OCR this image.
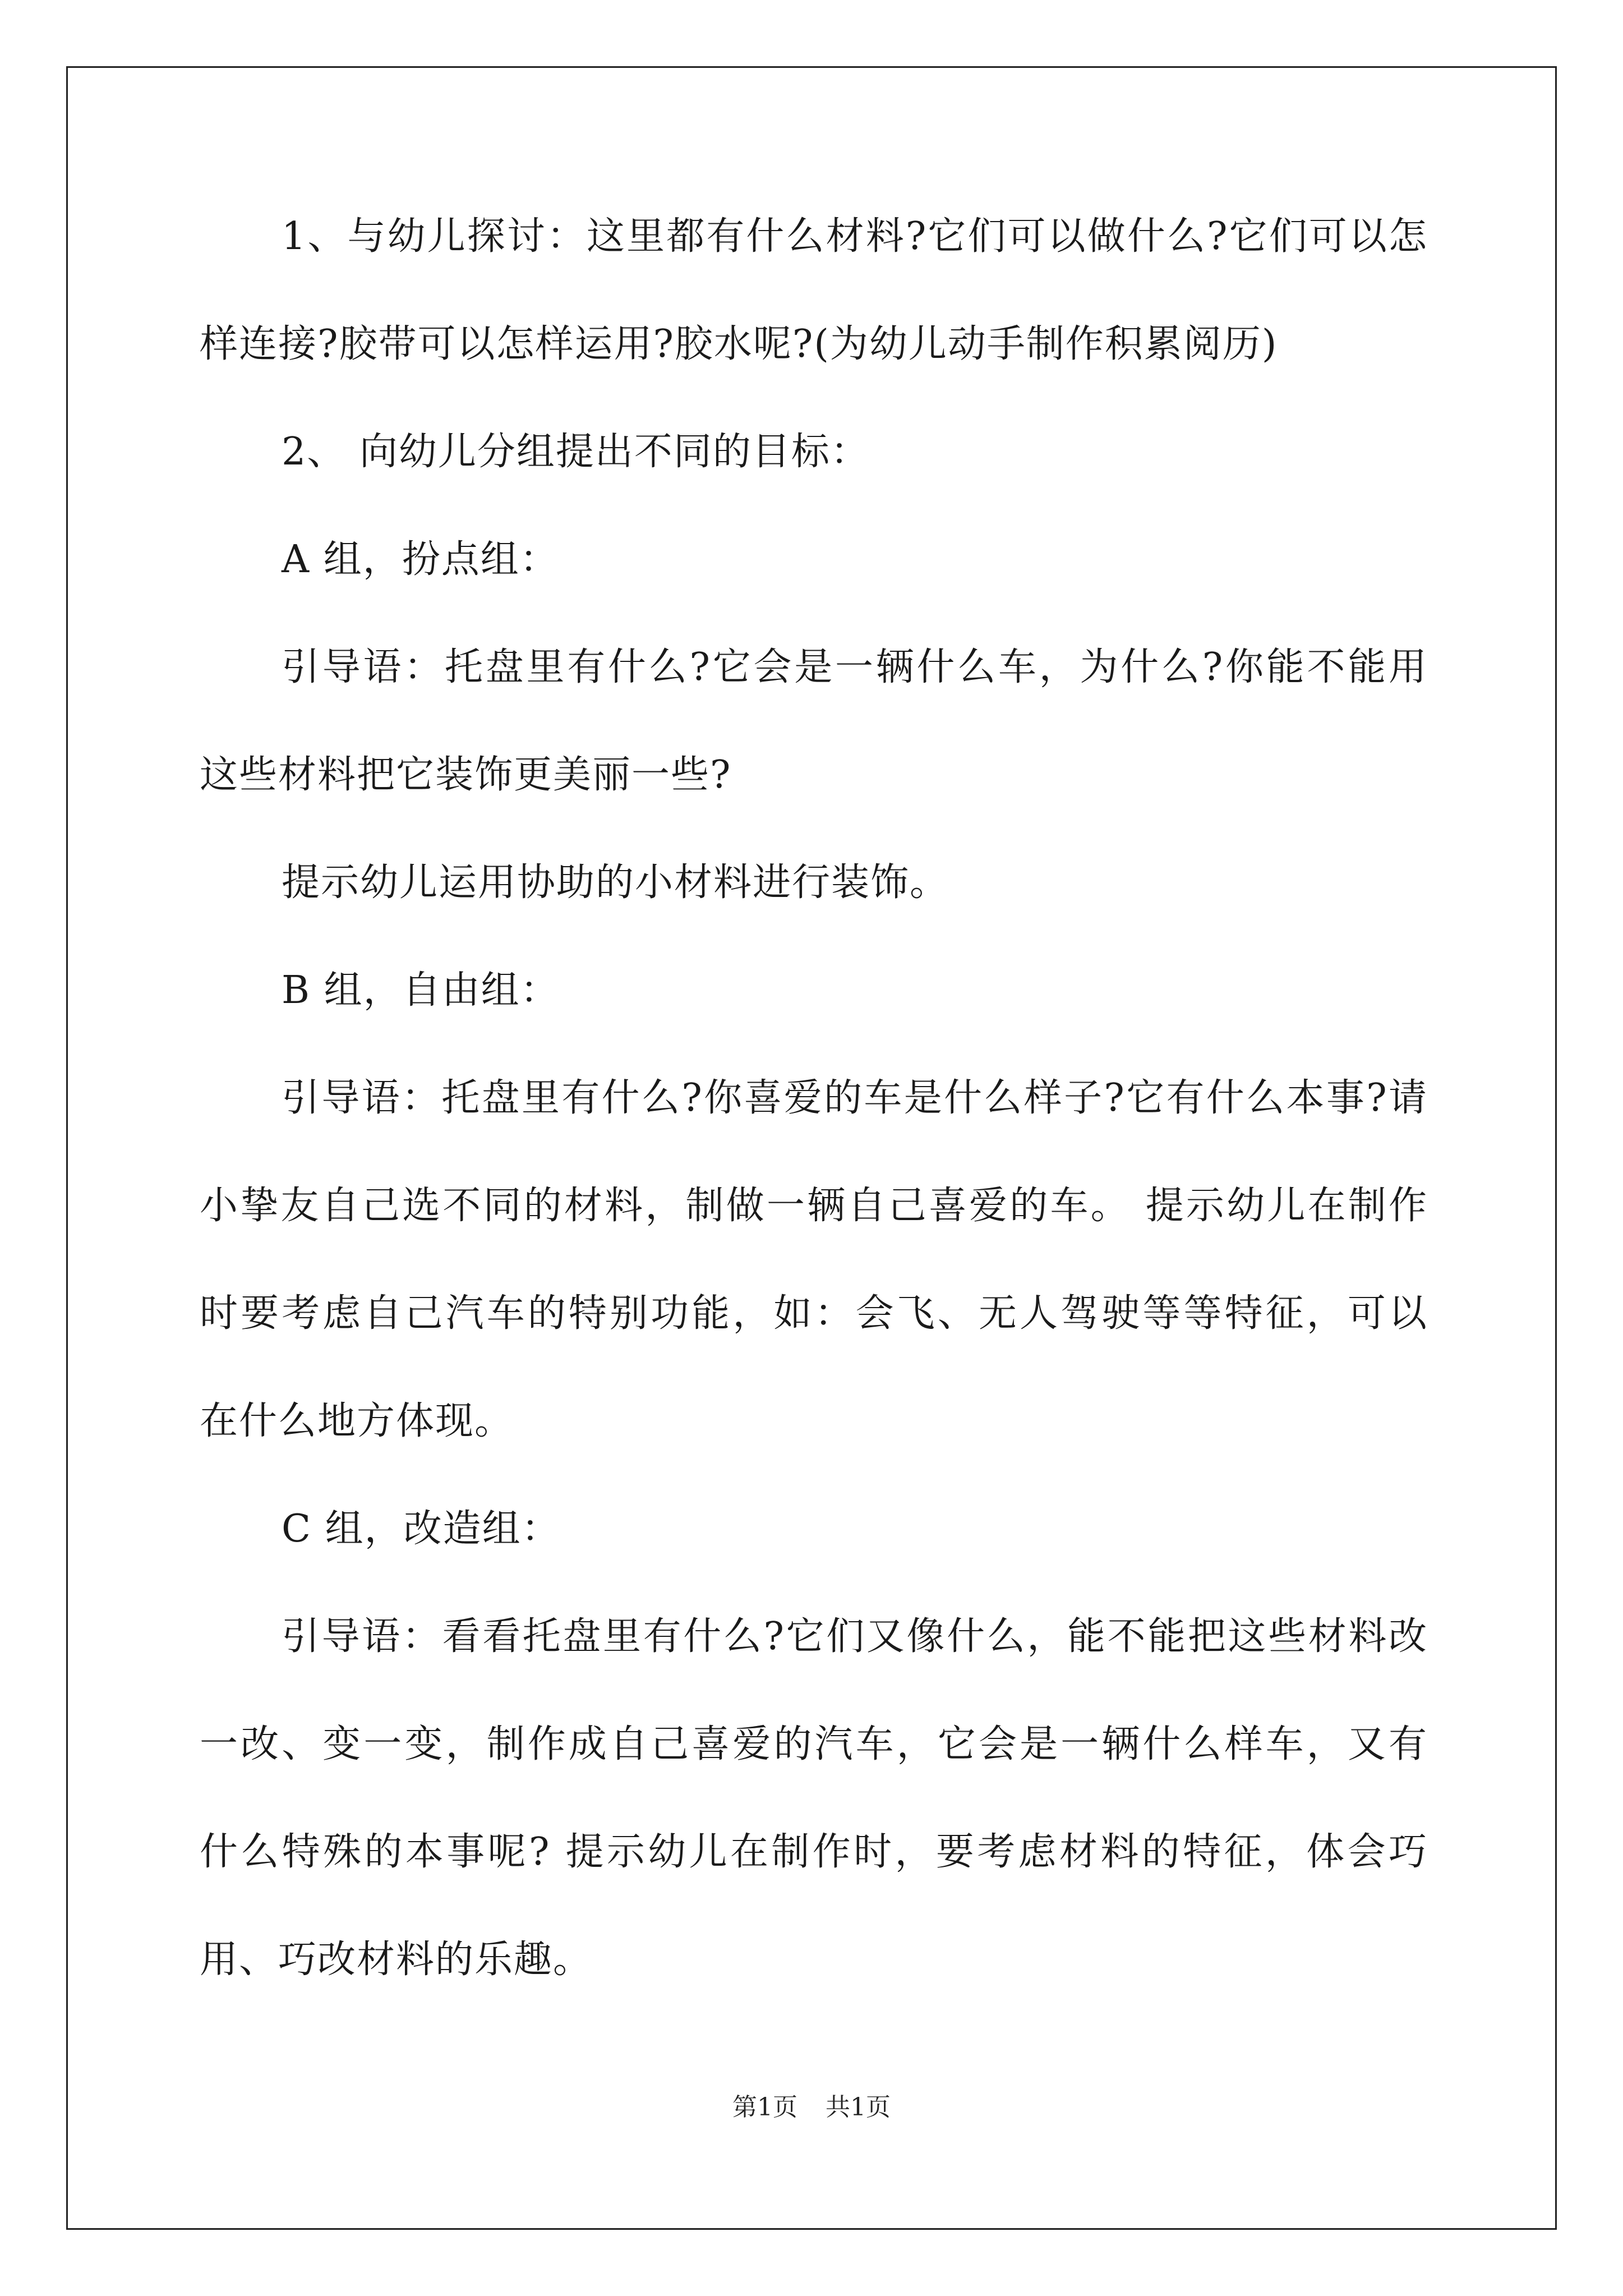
1、与幼儿探讨：这里都有什么材料?它们可以做什么?它们可以怎
样连接?胶带可以怎样运用?胶水呢?(为幼儿动手制作积累阅历)

2、 向幼儿分组提出不同的目标：

A 组，扮点组：

引导语：托盘里有什么?它会是一辆什么车，为什么?你能不能用
这些材料把它装饰更美丽一些?

提示幼儿运用协助的小材料进行装饰。

B 组，自由组：

引导语：托盘里有什么?你喜爱的车是什么样子?它有什么本事?请
小挚友自己选不同的材料，制做一辆自己喜爱的车。 提示幼儿在制作
时要考虑自己汽车的特别功能，如：会飞、无人驾驶等等特征，可以
在什么地方体现。

C 组，改造组：

引导语：看看托盘里有什么?它们又像什么，能不能把这些材料改
一改、变一变，制作成自己喜爱的汽车，它会是一辆什么样车，又有
什么特殊的本事呢? 提示幼儿在制作时，要考虑材料的特征，体会巧
用、巧改材料的乐趣。

第1页 共1页
